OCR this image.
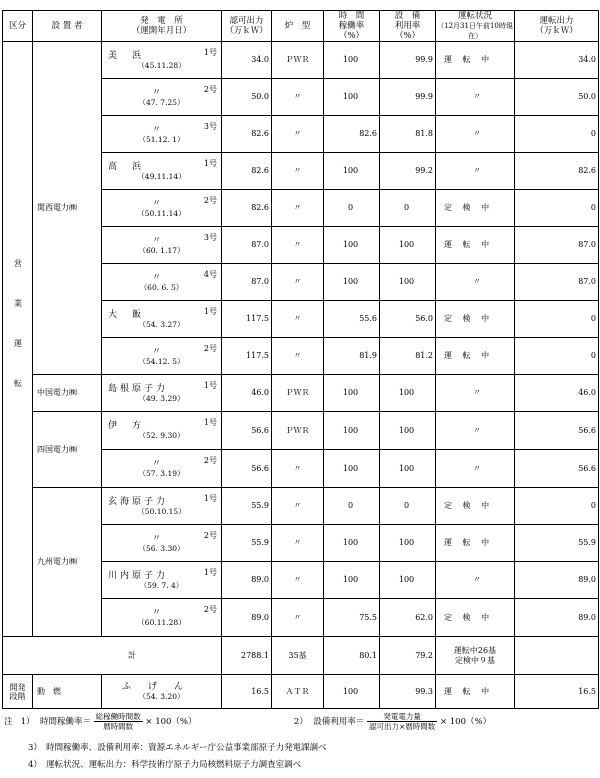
区分	設 置 者	発　電　所
（運開年月日）	認可出力
（万ｋＷ）	炉　型	時　間
稼働率
（%）	設　備
利用率
（%）	運転状況
（12月31日午前10時現在）	運転出力
（万ｋＷ）
営業運転	関西電力㈱	美　浜 1号
（45.11.28）	34.0	ＰＷＲ	100	99.9	運 転 中	34.0

		〃 2号
（47. 7.25）	50.0	〃	100	99.9	〃	50.0

		〃 3号
（51.12. 1）	82.6	〃	82.6	81.8	〃	0

		高　浜 1号
（49.11.14）	82.6	〃	100	99.2	〃	82.6

		〃 2号
（50.11.14）	82.6	〃	0	0	定 検 中	0

		〃 3号
（60. 1.17）	87.0	〃	100	100	運 転 中	87.0

		〃 4号
（60. 6. 5）	87.0	〃	100	100	〃	87.0

		大　飯 1号
（54. 3.27）	117.5	〃	55.6	56.0	定 検 中	0

		〃 2号
（54.12. 5）	117.5	〃	81.9	81.2	運 転 中	0
	中国電力㈱	島根原子力 1号
（49. 3.29）	46.0	ＰＷＲ	100	100	〃	46.0
	四国電力㈱	伊　方 1号
（52. 9.30）	56.6	ＰＷＲ	100	100	〃	56.6

		〃 2号
（57. 3.19）	56.6	〃	100	100	〃	56.6
	九州電力㈱	玄海原子力 1号
（50.10.15）	55.9	〃	0	0	定 検 中	0

		〃 2号
（56. 3.30）	55.9	〃	100	100	運 転 中	55.9

		川内原子力 1号
（59. 7. 4）	89.0	〃	100	100	〃	89.0

		〃 2号
（60.11.28）	89.0	〃	75.5	62.0	定 検 中	89.0
計			2788.1	35基	80.1	79.2	運転中26基
定検中９基	
開発段階	動　燃	ふ　げ　ん
（54. 3.20）	16.5	ＡＴＲ	100	99.3	運 転 中	16.5
注 1） 時間稼働率＝ $\frac{\text{総稼働時間数}}{\text{暦時間数}} \times 100(\%)$	2） 設備利用率＝ $\frac{\text{発電電力量}}{\text{認可出力×暦時間数}} \times 100(\%)$
3）　時間稼働率、設備利用率：資源エネルギー庁公益事業部原子力発電課調べ
4）　運転状況、運転出力：科学技術庁原子力局核燃料原子力調査室調べ
